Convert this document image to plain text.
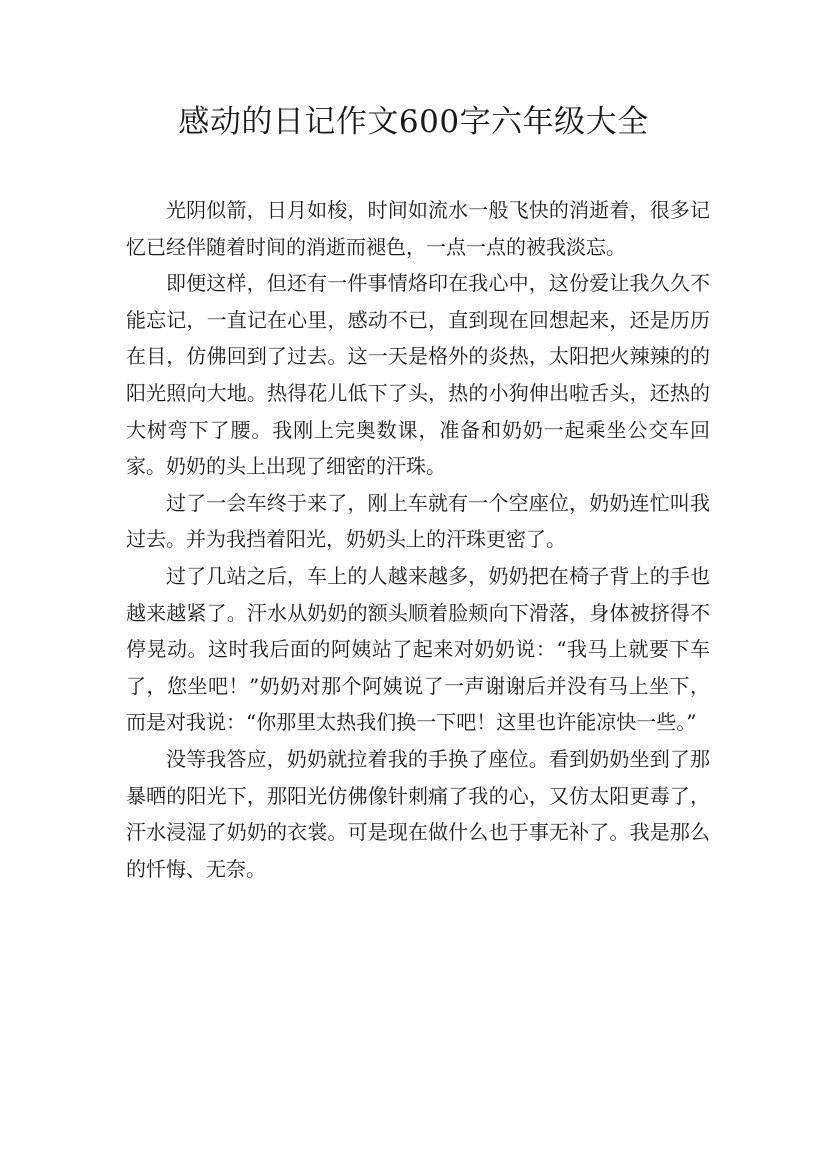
感动的日记作文600字六年级大全

光阴似箭，日月如梭，时间如流水一般飞快的消逝着，很多记忆已经伴随着时间的消逝而褪色，一点一点的被我淡忘。

即便这样，但还有一件事情烙印在我心中，这份爱让我久久不能忘记，一直记在心里，感动不已，直到现在回想起来，还是历历在目，仿佛回到了过去。这一天是格外的炎热，太阳把火辣辣的的阳光照向大地。热得花儿低下了头，热的小狗伸出啦舌头，还热的大树弯下了腰。我刚上完奥数课，准备和奶奶一起乘坐公交车回家。奶奶的头上出现了细密的汗珠。

过了一会车终于来了，刚上车就有一个空座位，奶奶连忙叫我过去。并为我挡着阳光，奶奶头上的汗珠更密了。

过了几站之后，车上的人越来越多，奶奶把在椅子背上的手也越来越紧了。汗水从奶奶的额头顺着脸颊向下滑落，身体被挤得不停晃动。这时我后面的阿姨站了起来对奶奶说：“我马上就要下车了，您坐吧！”奶奶对那个阿姨说了一声谢谢后并没有马上坐下，而是对我说：“你那里太热我们换一下吧！这里也许能凉快一些。”

没等我答应，奶奶就拉着我的手换了座位。看到奶奶坐到了那暴晒的阳光下，那阳光仿佛像针刺痛了我的心，又仿太阳更毒了，汗水浸湿了奶奶的衣裳。可是现在做什么也于事无补了。我是那么的忏悔、无奈。
